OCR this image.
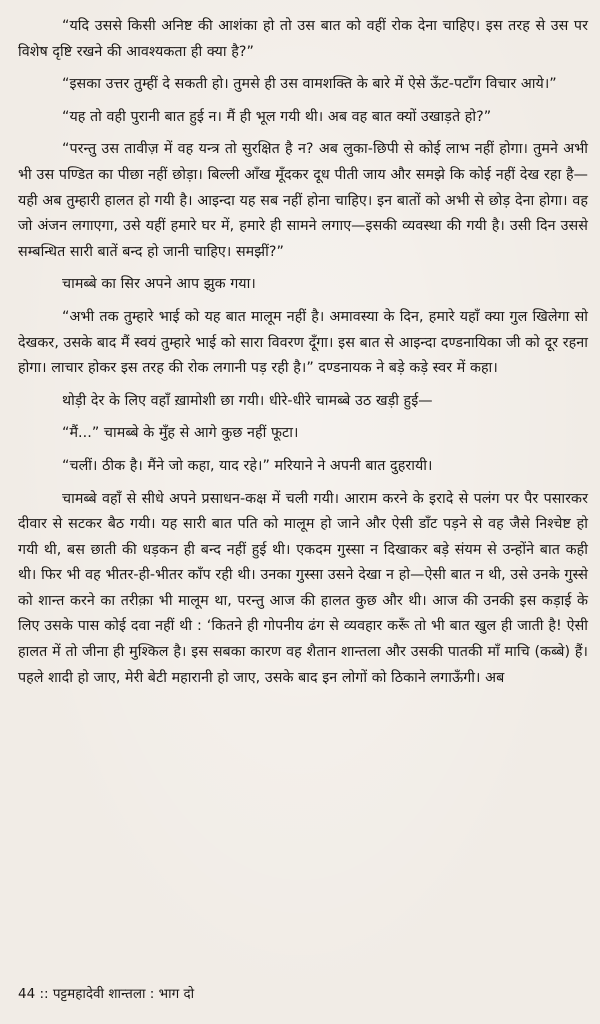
“यदि उससे किसी अनिष्ट की आशंका हो तो उस बात को वहीं रोक देना चाहिए। इस तरह से उस पर विशेष दृष्टि रखने की आवश्यकता ही क्या है?”

“इसका उत्तर तुम्हीं दे सकती हो। तुमसे ही उस वामशक्ति के बारे में ऐसे ऊँट-पटाँग विचार आये।”

“यह तो वही पुरानी बात हुई न। मैं ही भूल गयी थी। अब वह बात क्यों उखाड़ते हो?”

“परन्तु उस तावीज़ में वह यन्त्र तो सुरक्षित है न? अब लुका-छिपी से कोई लाभ नहीं होगा। तुमने अभी भी उस पण्डित का पीछा नहीं छोड़ा। बिल्ली आँख मूँदकर दूध पीती जाय और समझे कि कोई नहीं देख रहा है—यही अब तुम्हारी हालत हो गयी है। आइन्दा यह सब नहीं होना चाहिए। इन बातों को अभी से छोड़ देना होगा। वह जो अंजन लगाएगा, उसे यहीं हमारे घर में, हमारे ही सामने लगाए—इसकी व्यवस्था की गयी है। उसी दिन उससे सम्बन्धित सारी बातें बन्द हो जानी चाहिए। समझीं?”

चामब्बे का सिर अपने आप झुक गया।

“अभी तक तुम्हारे भाई को यह बात मालूम नहीं है। अमावस्या के दिन, हमारे यहाँ क्या गुल खिलेगा सो देखकर, उसके बाद मैं स्वयं तुम्हारे भाई को सारा विवरण दूँगा। इस बात से आइन्दा दण्डनायिका जी को दूर रहना होगा। लाचार होकर इस तरह की रोक लगानी पड़ रही है।” दण्डनायक ने बड़े कड़े स्वर में कहा।

थोड़ी देर के लिए वहाँ ख़ामोशी छा गयी। धीरे-धीरे चामब्बे उठ खड़ी हुई—

“मैं...” चामब्बे के मुँह से आगे कुछ नहीं फूटा।

“चलीं। ठीक है। मैंने जो कहा, याद रहे।” मरियाने ने अपनी बात दुहरायी।

चामब्बे वहाँ से सीधे अपने प्रसाधन-कक्ष में चली गयी। आराम करने के इरादे से पलंग पर पैर पसारकर दीवार से सटकर बैठ गयी। यह सारी बात पति को मालूम हो जाने और ऐसी डाँट पड़ने से वह जैसे निश्चेष्ट हो गयी थी, बस छाती की धड़कन ही बन्द नहीं हुई थी। एकदम गुस्सा न दिखाकर बड़े संयम से उन्होंने बात कही थी। फिर भी वह भीतर-ही-भीतर काँप रही थी। उनका गुस्सा उसने देखा न हो—ऐसी बात न थी, उसे उनके गुस्से को शान्त करने का तरीक़ा भी मालूम था, परन्तु आज की हालत कुछ और थी। आज की उनकी इस कड़ाई के लिए उसके पास कोई दवा नहीं थी : ‘कितने ही गोपनीय ढंग से व्यवहार करूँ तो भी बात खुल ही जाती है! ऐसी हालत में तो जीना ही मुश्किल है। इस सबका कारण वह शैतान शान्तला और उसकी पातकी माँ माचि (कब्बे) हैं। पहले शादी हो जाए, मेरी बेटी महारानी हो जाए, उसके बाद इन लोगों को ठिकाने लगाऊँगी। अब

44 :: पट्टमहादेवी शान्तला : भाग दो
